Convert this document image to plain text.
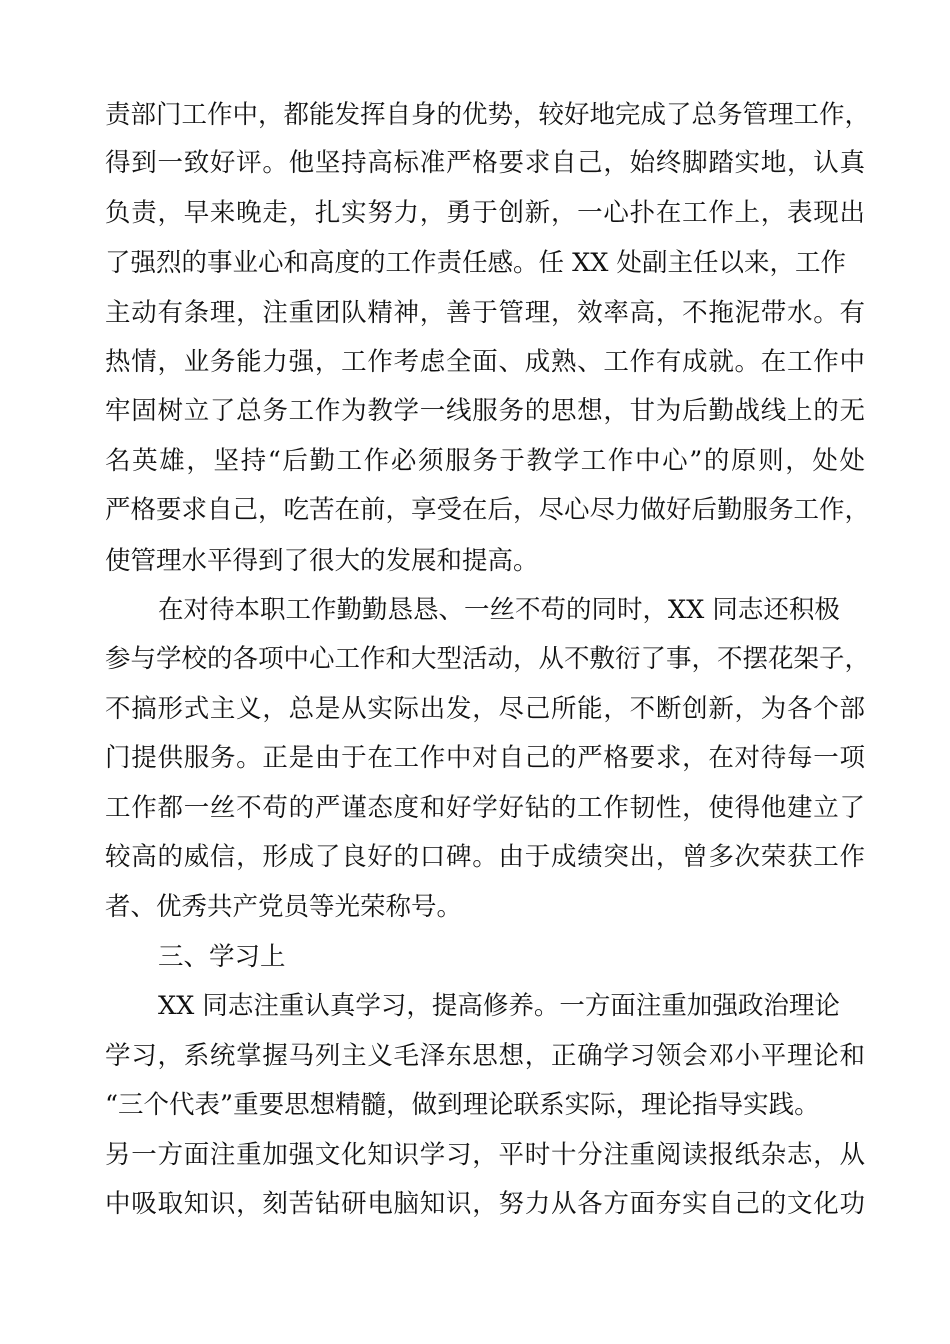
责部门工作中，都能发挥自身的优势，较好地完成了总务管理工作，
得到一致好评。他坚持高标准严格要求自己，始终脚踏实地，认真
负责，早来晚走，扎实努力，勇于创新，一心扑在工作上，表现出
了强烈的事业心和高度的工作责任感。任 XX 处副主任以来，工作
主动有条理，注重团队精神，善于管理，效率高，不拖泥带水。有
热情，业务能力强，工作考虑全面、成熟、工作有成就。在工作中
牢固树立了总务工作为教学一线服务的思想，甘为后勤战线上的无
名英雄，坚持“后勤工作必须服务于教学工作中心”的原则，处处
严格要求自己，吃苦在前，享受在后，尽心尽力做好后勤服务工作，
使管理水平得到了很大的发展和提高。
在对待本职工作勤勤恳恳、一丝不苟的同时，XX 同志还积极
参与学校的各项中心工作和大型活动，从不敷衍了事，不摆花架子，
不搞形式主义，总是从实际出发，尽己所能，不断创新，为各个部
门提供服务。正是由于在工作中对自己的严格要求，在对待每一项
工作都一丝不苟的严谨态度和好学好钻的工作韧性，使得他建立了
较高的威信，形成了良好的口碑。由于成绩突出，曾多次荣获工作
者、优秀共产党员等光荣称号。
三、学习上
XX 同志注重认真学习，提高修养。一方面注重加强政治理论
学习，系统掌握马列主义毛泽东思想，正确学习领会邓小平理论和
“三个代表”重要思想精髓，做到理论联系实际，理论指导实践。
另一方面注重加强文化知识学习，平时十分注重阅读报纸杂志，从
中吸取知识，刻苦钻研电脑知识，努力从各方面夯实自己的文化功
